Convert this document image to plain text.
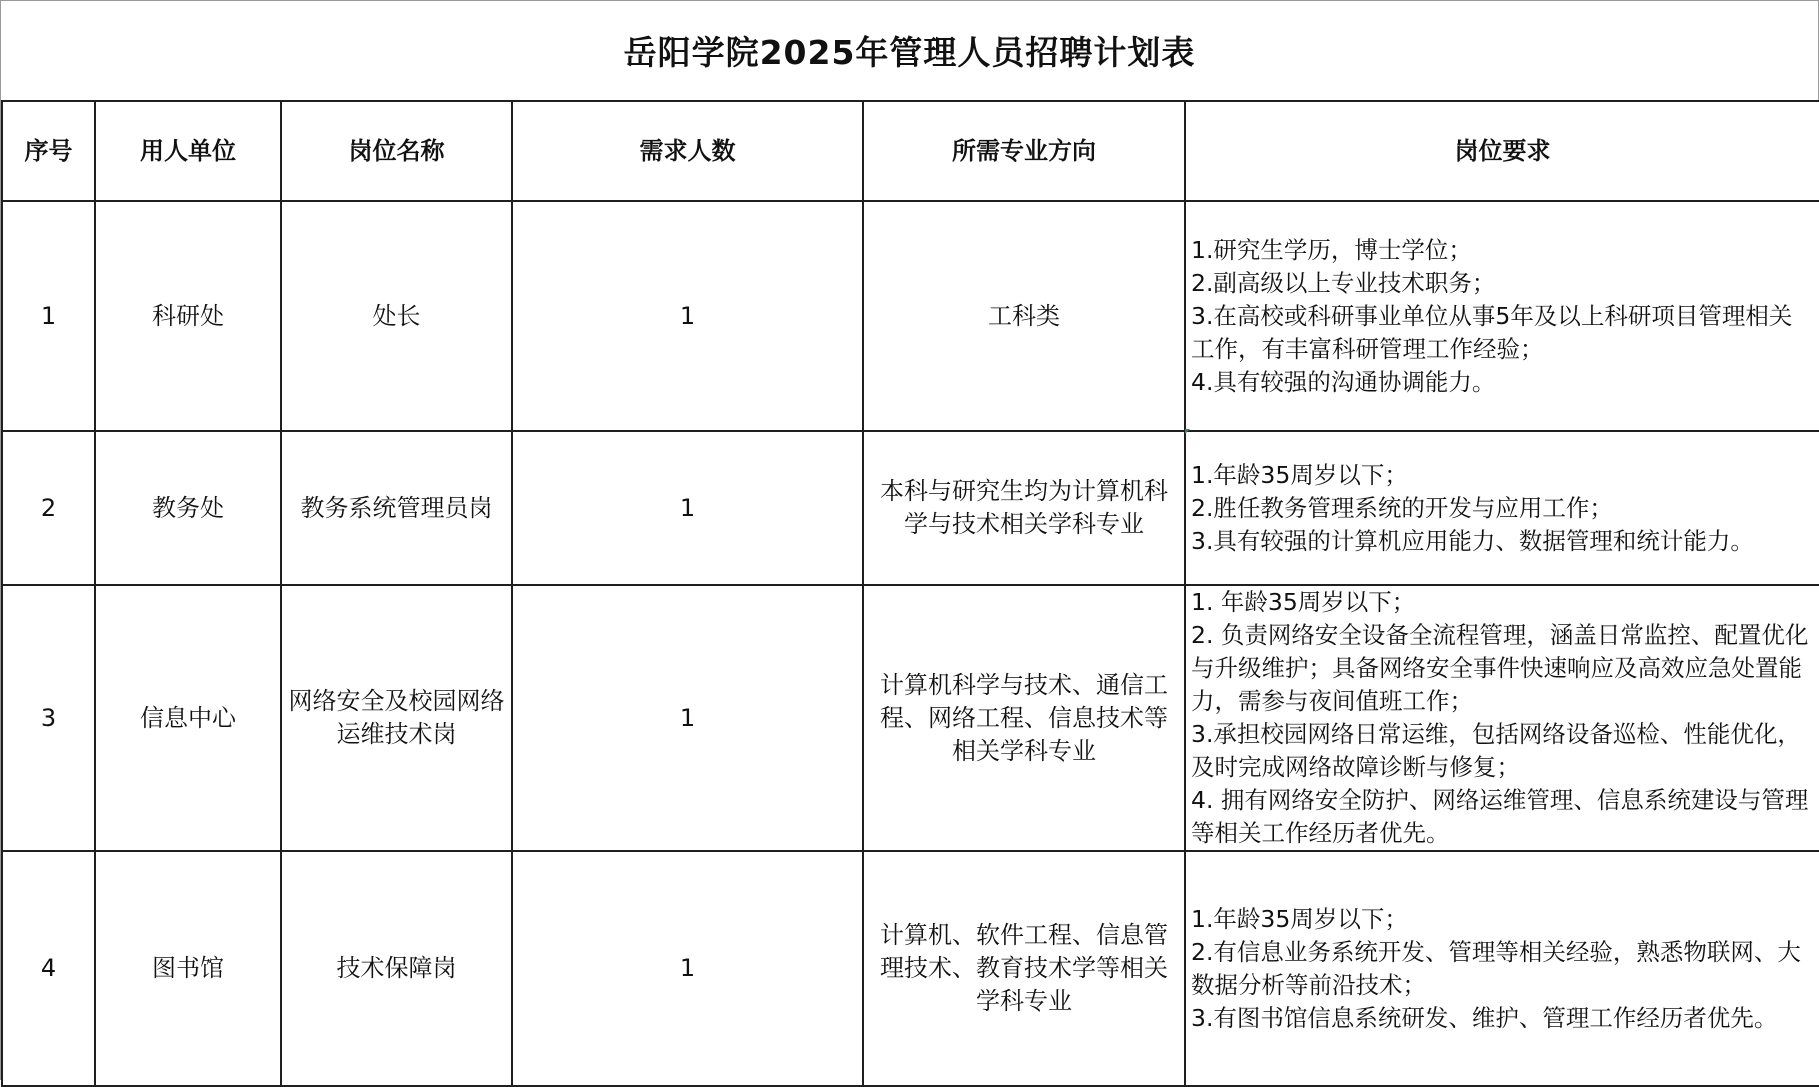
岳阳学院2025年管理人员招聘计划表
序号	用人单位	岗位名称	需求人数	所需专业方向	岗位要求
1	科研处	处长	1	工科类	1.研究生学历，博士学位；
2.副高级以上专业技术职务；
3.在高校或科研事业单位从事5年及以上科研项目管理相关工作，有丰富科研管理工作经验；
4.具有较强的沟通协调能力。

2	教务处	教务系统管理员岗	1	本科与研究生均为计算机科学与技术相关学科专业	1.年龄35周岁以下；
2.胜任教务管理系统的开发与应用工作；
3.具有较强的计算机应用能力、数据管理和统计能力。

3	信息中心	网络安全及校园网络运维技术岗	1	计算机科学与技术、通信工程、网络工程、信息技术等相关学科专业	1. 年龄35周岁以下；
2. 负责网络安全设备全流程管理，涵盖日常监控、配置优化与升级维护；具备网络安全事件快速响应及高效应急处置能力，需参与夜间值班工作；
3.承担校园网络日常运维，包括网络设备巡检、性能优化，及时完成网络故障诊断与修复；
4. 拥有网络安全防护、网络运维管理、信息系统建设与管理等相关工作经历者优先。

4	图书馆	技术保障岗	1	计算机、软件工程、信息管理技术、教育技术学等相关学科专业	1.年龄35周岁以下；
2.有信息业务系统开发、管理等相关经验，熟悉物联网、大数据分析等前沿技术；
3.有图书馆信息系统研发、维护、管理工作经历者优先。
